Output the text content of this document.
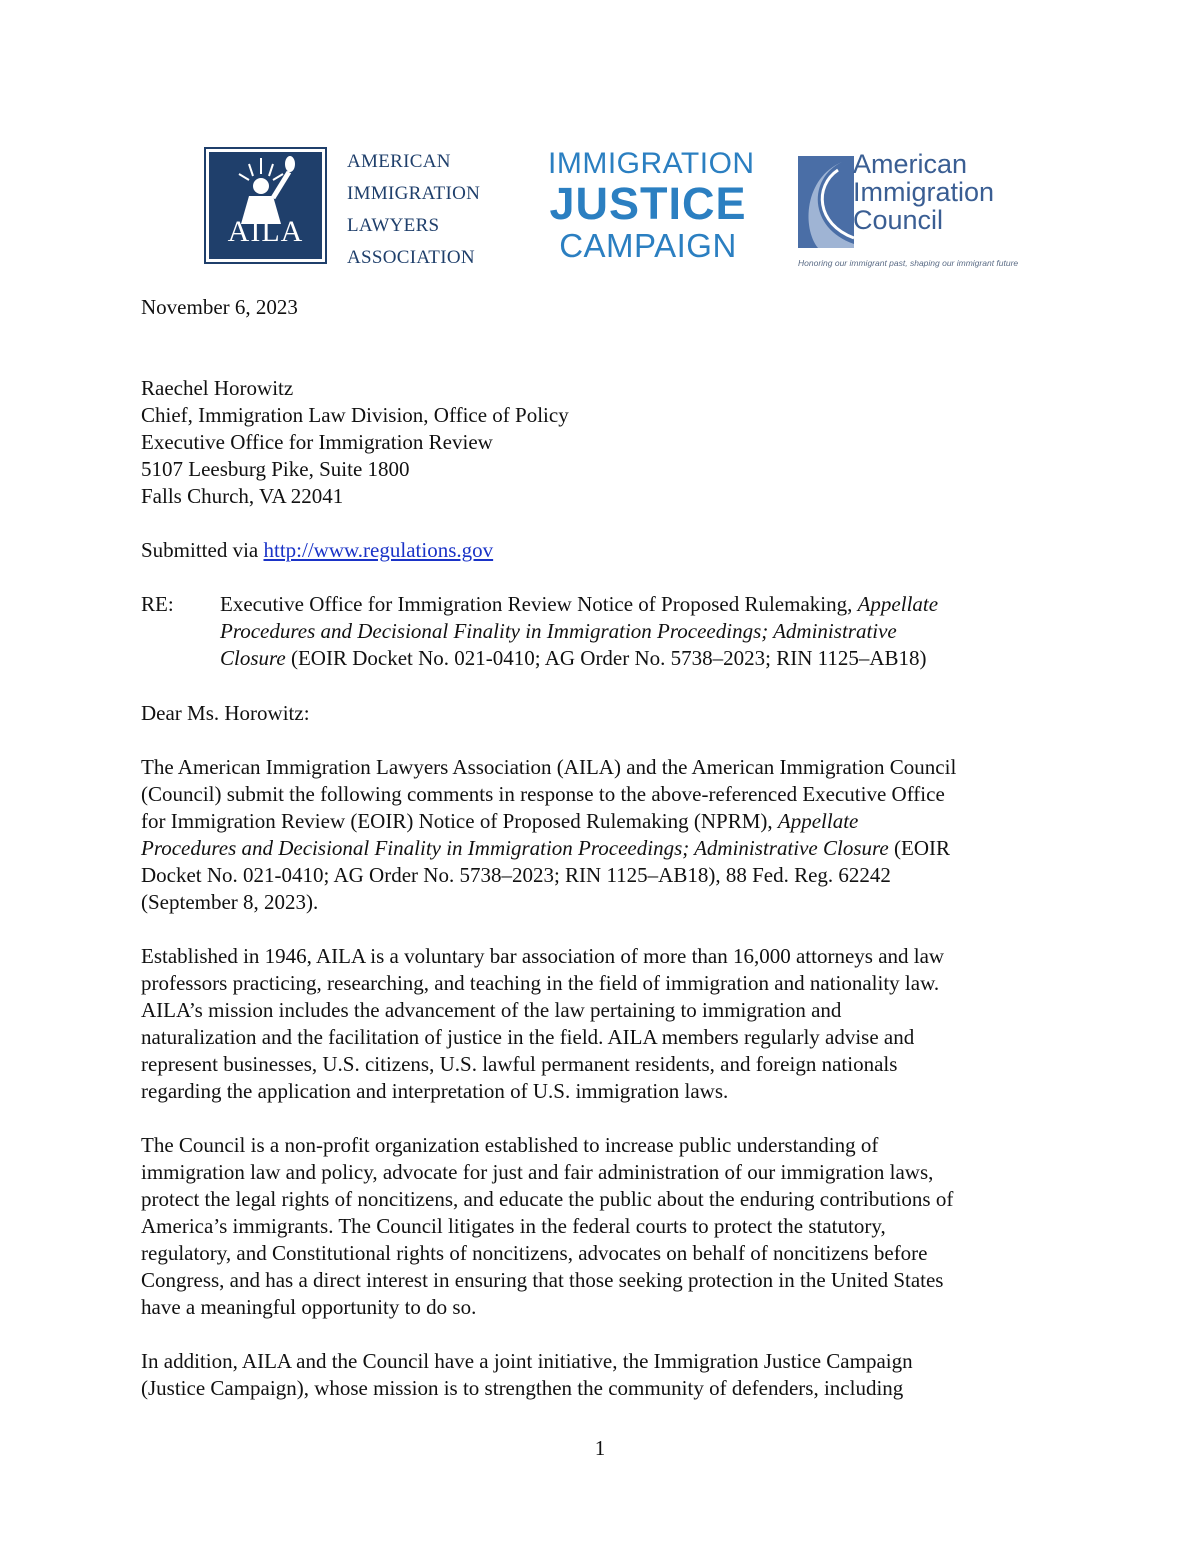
AILA
AMERICAN
IMMIGRATION
LAWYERS
ASSOCIATION
IMMIGRATION
JUSTICE
CAMPAIGN
American
Immigration
Council
Honoring our immigrant past, shaping our immigrant future
November 6, 2023
Raechel Horowitz
Chief, Immigration Law Division, Office of Policy
Executive Office for Immigration Review
5107 Leesburg Pike, Suite 1800
Falls Church, VA 22041
Submitted via http://www.regulations.gov
RE: Executive Office for Immigration Review Notice of Proposed Rulemaking, Appellate
Procedures and Decisional Finality in Immigration Proceedings; Administrative
Closure (EOIR Docket No. 021-0410; AG Order No. 5738–2023; RIN 1125–AB18)
Dear Ms. Horowitz:
The American Immigration Lawyers Association (AILA) and the American Immigration Council
(Council) submit the following comments in response to the above-referenced Executive Office
for Immigration Review (EOIR) Notice of Proposed Rulemaking (NPRM), Appellate
Procedures and Decisional Finality in Immigration Proceedings; Administrative Closure (EOIR
Docket No. 021-0410; AG Order No. 5738–2023; RIN 1125–AB18), 88 Fed. Reg. 62242
(September 8, 2023).
Established in 1946, AILA is a voluntary bar association of more than 16,000 attorneys and law
professors practicing, researching, and teaching in the field of immigration and nationality law.
AILA’s mission includes the advancement of the law pertaining to immigration and
naturalization and the facilitation of justice in the field. AILA members regularly advise and
represent businesses, U.S. citizens, U.S. lawful permanent residents, and foreign nationals
regarding the application and interpretation of U.S. immigration laws.
The Council is a non-profit organization established to increase public understanding of
immigration law and policy, advocate for just and fair administration of our immigration laws,
protect the legal rights of noncitizens, and educate the public about the enduring contributions of
America’s immigrants. The Council litigates in the federal courts to protect the statutory,
regulatory, and Constitutional rights of noncitizens, advocates on behalf of noncitizens before
Congress, and has a direct interest in ensuring that those seeking protection in the United States
have a meaningful opportunity to do so.
In addition, AILA and the Council have a joint initiative, the Immigration Justice Campaign
(Justice Campaign), whose mission is to strengthen the community of defenders, including
1
